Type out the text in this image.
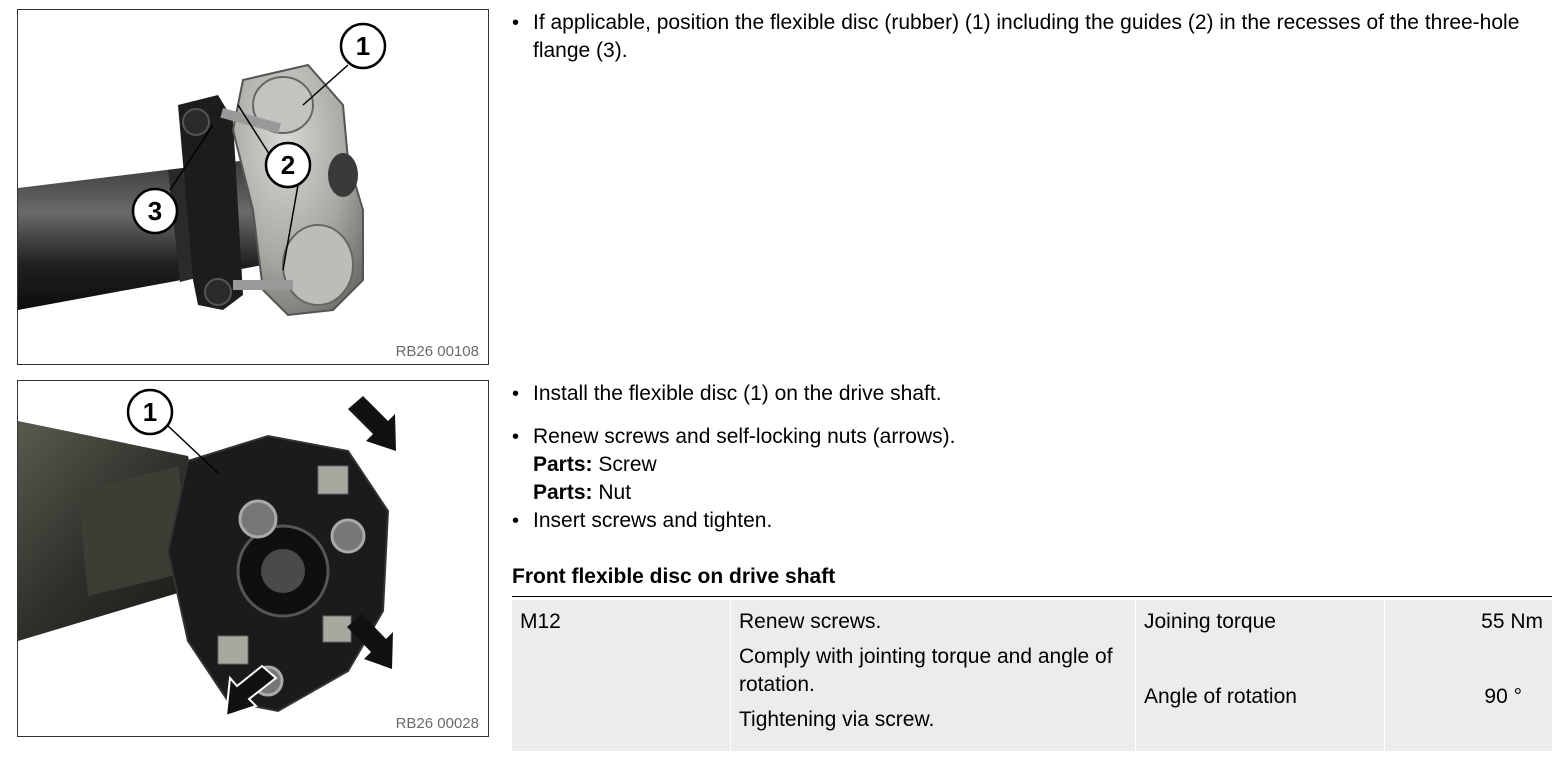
1
2
3
RB26 00108
• If applicable, position the flexible disc (rubber) (1) including the guides (2) in the recesses of the three-hole flange (3).
1
RB26 00028
• Install the flexible disc (1) on the drive shaft.
• Renew screws and self-locking nuts (arrows).
Parts: Screw
Parts: Nut
• Insert screws and tighten.
Front flexible disc on drive shaft
M12	Renew screws.

Comply with jointing torque and angle of rotation.

Tightening via screw.

Joining torque
Angle of rotation
55 Nm
90 °
